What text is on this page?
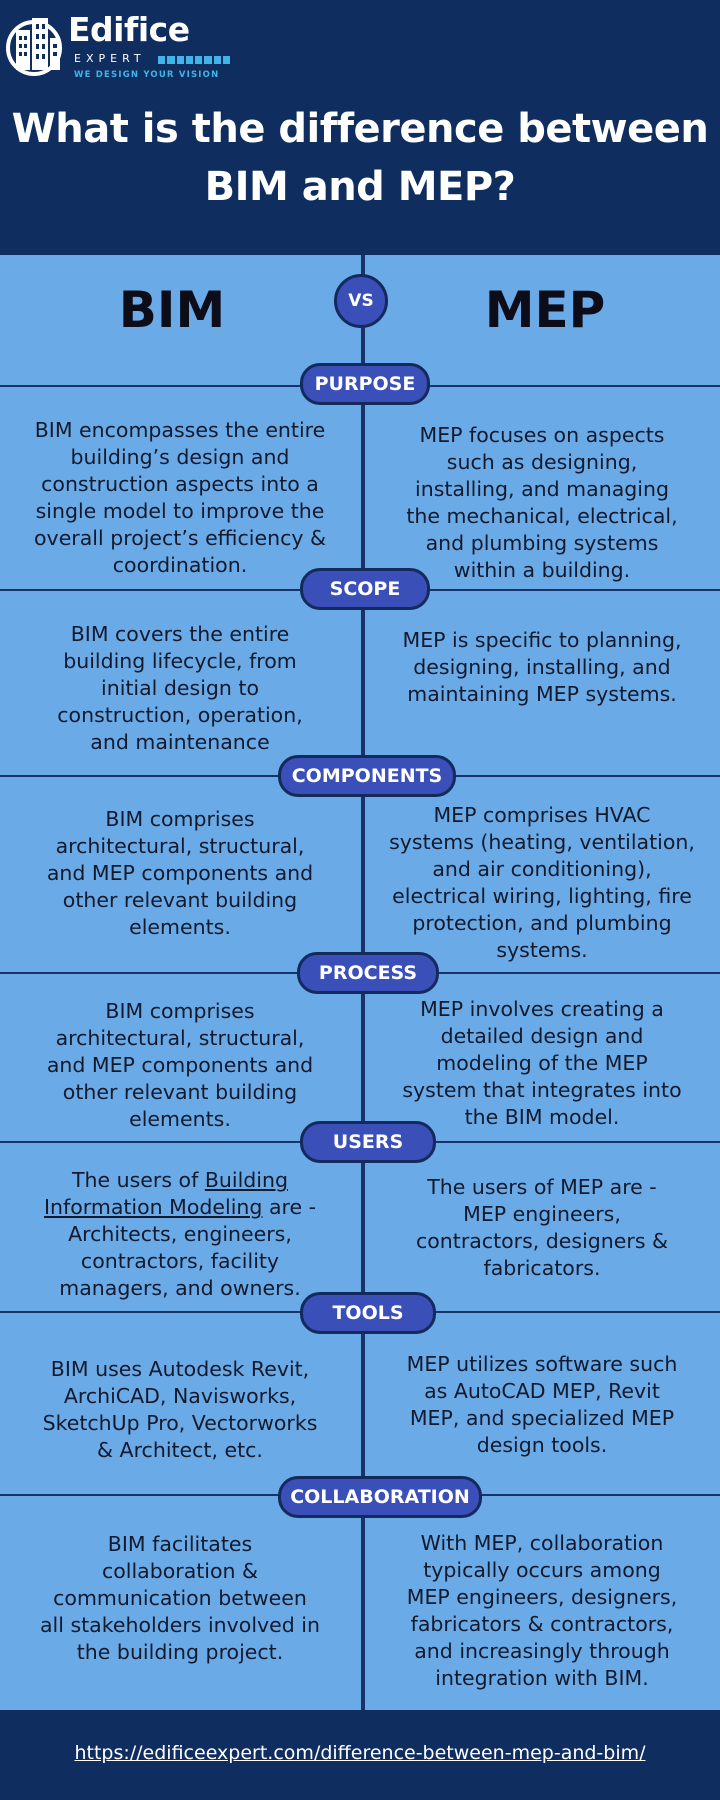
Edifice
EXPERT
WE DESIGN YOUR VISION
What is the difference between
BIM and MEP?
BIM	MEP
VS
PURPOSE
BIM encompasses the entire
building’s design and
construction aspects into a
single model to improve the
overall project’s efficiency &
coordination.
MEP focuses on aspects
such as designing,
installing, and managing
the mechanical, electrical,
and plumbing systems
within a building.
SCOPE
BIM covers the entire
building lifecycle, from
initial design to
construction, operation,
and maintenance
MEP is specific to planning,
designing, installing, and
maintaining MEP systems.
COMPONENTS
BIM comprises
architectural, structural,
and MEP components and
other relevant building
elements.
MEP comprises HVAC
systems (heating, ventilation,
and air conditioning),
electrical wiring, lighting, fire
protection, and plumbing
systems.
PROCESS
BIM comprises
architectural, structural,
and MEP components and
other relevant building
elements.
MEP involves creating a
detailed design and
modeling of the MEP
system that integrates into
the BIM model.
USERS
The users of Building
Information Modeling are -
Architects, engineers,
contractors, facility
managers, and owners.
The users of MEP are -
MEP engineers,
contractors, designers &
fabricators.
TOOLS
BIM uses Autodesk Revit,
ArchiCAD, Navisworks,
SketchUp Pro, Vectorworks
& Architect, etc.
MEP utilizes software such
as AutoCAD MEP, Revit
MEP, and specialized MEP
design tools.
COLLABORATION
BIM facilitates
collaboration &
communication between
all stakeholders involved in
the building project.
With MEP, collaboration
typically occurs among
MEP engineers, designers,
fabricators & contractors,
and increasingly through
integration with BIM.
https://edificeexpert.com/difference-between-mep-and-bim/
